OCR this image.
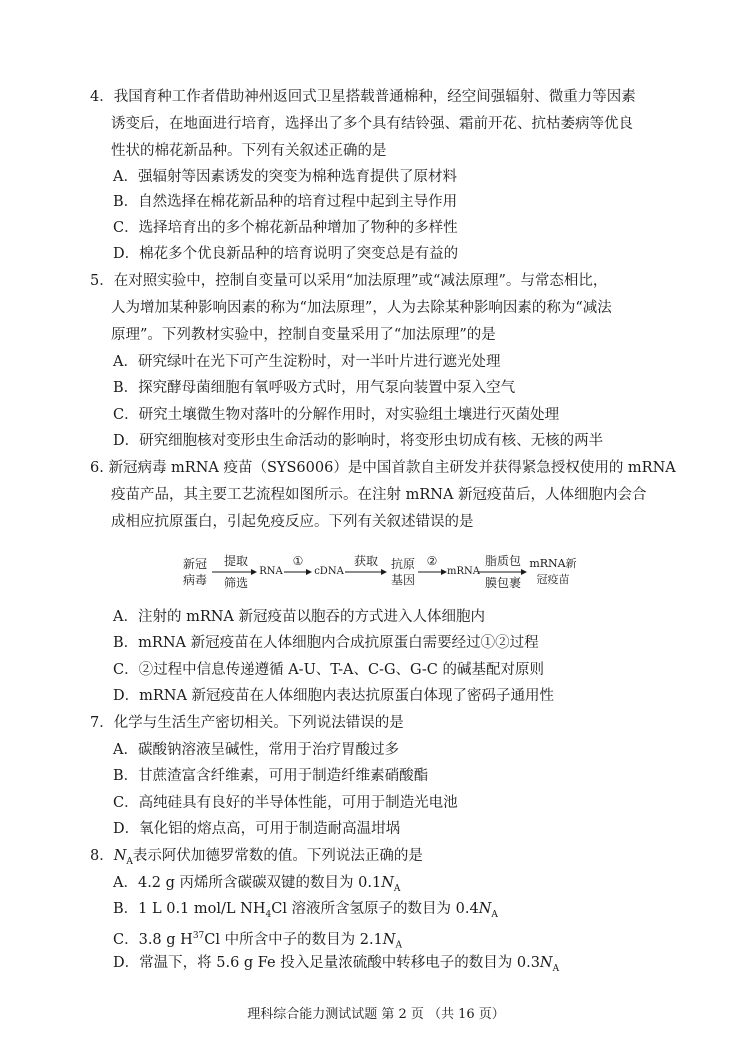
4．我国育种工作者借助神州返回式卫星搭载普通棉种，经空间强辐射、微重力等因素
诱变后，在地面进行培育，选择出了多个具有结铃强、霜前开花、抗枯萎病等优良
性状的棉花新品种。下列有关叙述正确的是
A．强辐射等因素诱发的突变为棉种选育提供了原材料
B．自然选择在棉花新品种的培育过程中起到主导作用
C．选择培育出的多个棉花新品种增加了物种的多样性
D．棉花多个优良新品种的培育说明了突变总是有益的
5．在对照实验中，控制自变量可以采用“加法原理”或“减法原理”。与常态相比，
人为增加某种影响因素的称为“加法原理”，人为去除某种影响因素的称为“减法
原理”。下列教材实验中，控制自变量采用了“加法原理”的是
A．研究绿叶在光下可产生淀粉时，对一半叶片进行遮光处理
B．探究酵母菌细胞有氧呼吸方式时，用气泵向装置中泵入空气
C．研究土壤微生物对落叶的分解作用时，对实验组土壤进行灭菌处理
D．研究细胞核对变形虫生命活动的影响时，将变形虫切成有核、无核的两半
6. 新冠病毒 mRNA 疫苗（SYS6006）是中国首款自主研发并获得紧急授权使用的 mRNA
疫苗产品，其主要工艺流程如图所示。在注射 mRNA 新冠疫苗后，人体细胞内会合
成相应抗原蛋白，引起免疫反应。下列有关叙述错误的是
新冠
病毒
提取
筛选
RNA
①
cDNA
获取	抗原
基因
②
mRNA
脂质包
膜包裹
mRNA新
冠疫苗
A．注射的 mRNA 新冠疫苗以胞吞的方式进入人体细胞内
B．mRNA 新冠疫苗在人体细胞内合成抗原蛋白需要经过①②过程
C．②过程中信息传递遵循 A-U、T-A、C-G、G-C 的碱基配对原则
D．mRNA 新冠疫苗在人体细胞内表达抗原蛋白体现了密码子通用性
7．化学与生活生产密切相关。下列说法错误的是
A．碳酸钠溶液呈碱性，常用于治疗胃酸过多
B．甘蔗渣富含纤维素，可用于制造纤维素硝酸酯
C．高纯硅具有良好的半导体性能，可用于制造光电池
D．氧化铝的熔点高，可用于制造耐高温坩埚
8．$N_A$表示阿伏加德罗常数的值。下列说法正确的是
A．4.2 g 丙烯所含碳碳双键的数目为 $0.1N_A$
B．1 L 0.1 mol/L $NH_4Cl$ 溶液所含氢原子的数目为 $0.4N_A$
C．3.8 g $H^{37}Cl$ 中所含中子的数目为 $2.1N_A$
D．常温下，将 5.6 g Fe 投入足量浓硫酸中转移电子的数目为 $0.3N_A$
理科综合能力测试试题 第 2 页 （共 16 页）
